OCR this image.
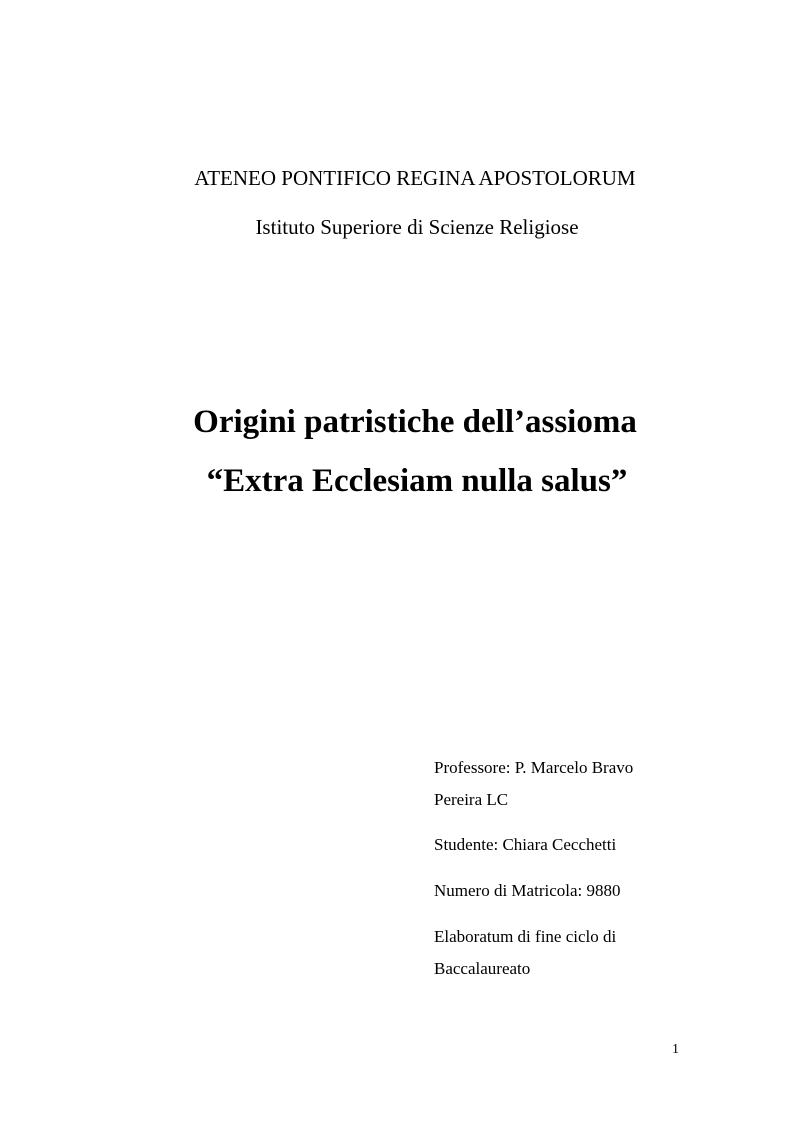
ATENEO PONTIFICO REGINA APOSTOLORUM
Istituto Superiore di Scienze Religiose
Origini patristiche dell’assioma
“Extra Ecclesiam nulla salus”
Professore: P. Marcelo Bravo
Pereira LC
Studente: Chiara Cecchetti
Numero di Matricola: 9880
Elaboratum di fine ciclo di
Baccalaureato
1
